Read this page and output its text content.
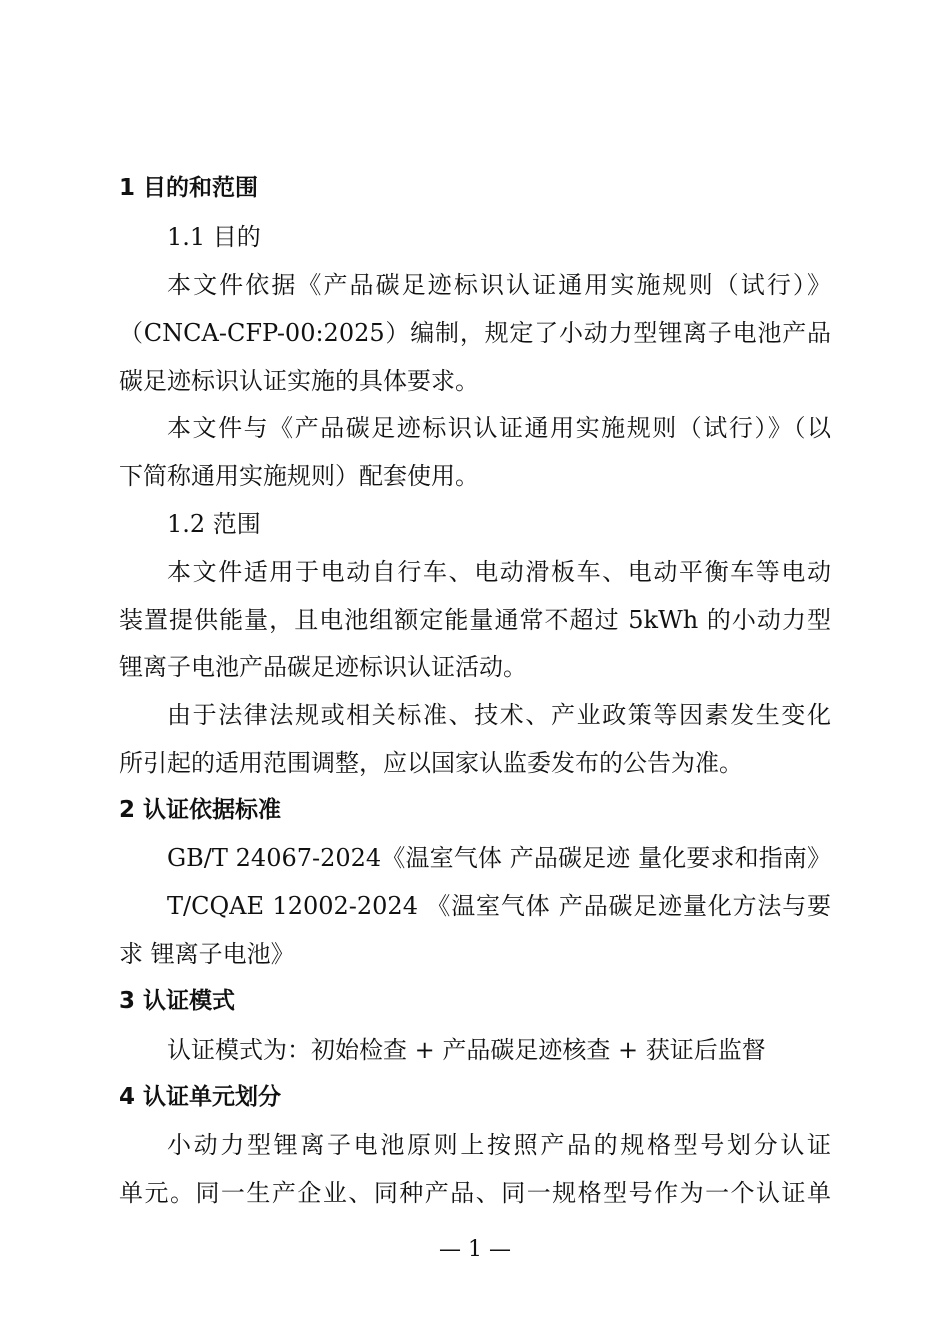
1 目的和范围

1.1 目的

本文件依据《产品碳足迹标识认证通用实施规则（试行）》

（CNCA-CFP-00:2025）编制，规定了小动力型锂离子电池产品

碳足迹标识认证实施的具体要求。

本文件与《产品碳足迹标识认证通用实施规则（试行）》（以

下简称通用实施规则）配套使用。

1.2 范围

本文件适用于电动自行车、电动滑板车、电动平衡车等电动

装置提供能量，且电池组额定能量通常不超过 5kWh 的小动力型

锂离子电池产品碳足迹标识认证活动。

由于法律法规或相关标准、技术、产业政策等因素发生变化

所引起的适用范围调整，应以国家认监委发布的公告为准。

2 认证依据标准

GB/T 24067-2024《温室气体 产品碳足迹 量化要求和指南》

T/CQAE 12002-2024 《温室气体 产品碳足迹量化方法与要

求 锂离子电池》

3 认证模式

认证模式为：初始检查 + 产品碳足迹核查 + 获证后监督

4 认证单元划分

小动力型锂离子电池原则上按照产品的规格型号划分认证

单元。同一生产企业、同种产品、同一规格型号作为一个认证单

— 1 —
